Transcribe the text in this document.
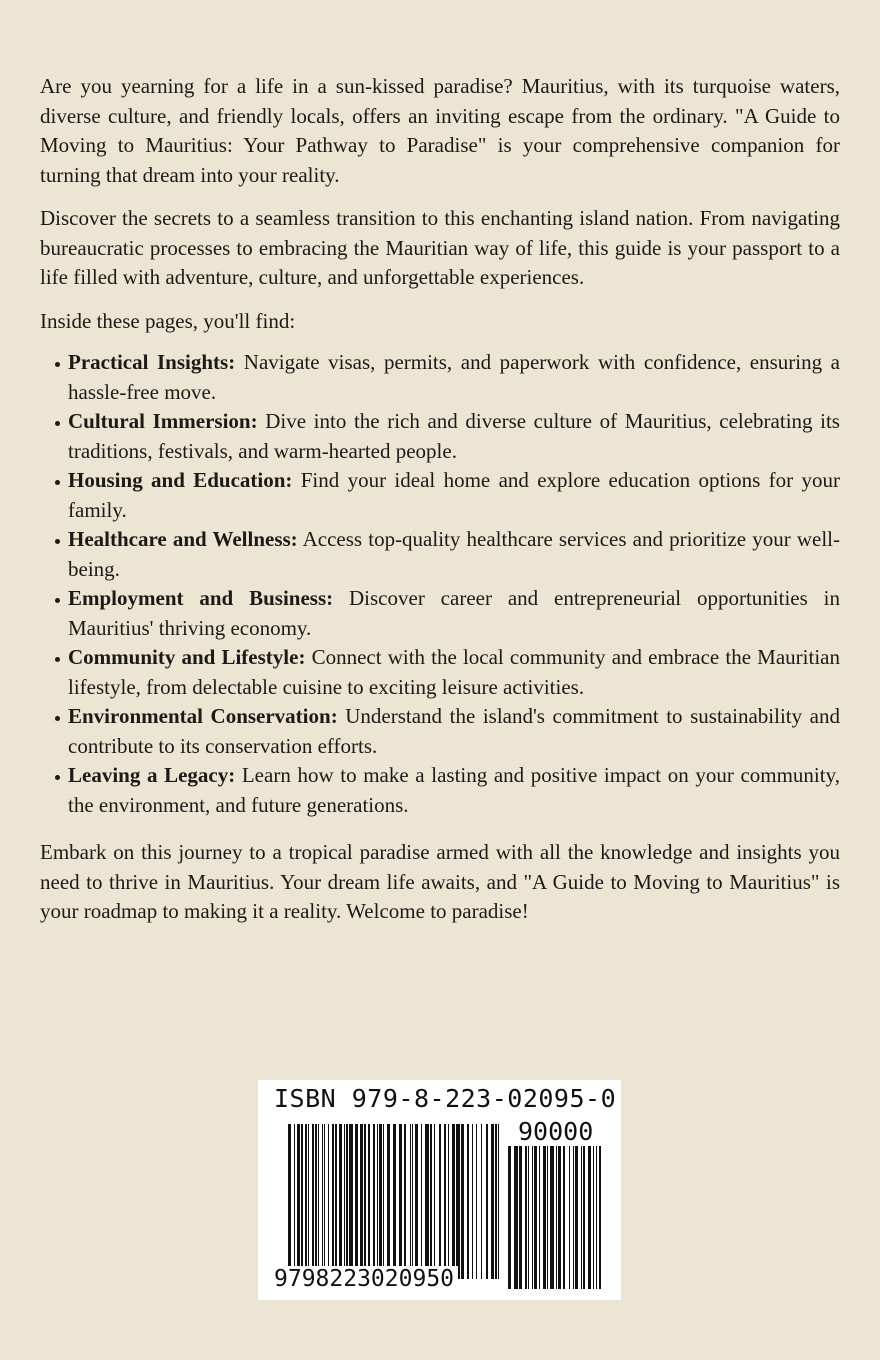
Are you yearning for a life in a sun-kissed paradise? Mauritius, with its turquoise waters, diverse culture, and friendly locals, offers an inviting escape from the ordinary. "A Guide to Moving to Mauritius: Your Pathway to Paradise" is your comprehensive companion for turning that dream into your reality.

Discover the secrets to a seamless transition to this enchanting island nation. From navigating bureaucratic processes to embracing the Mauritian way of life, this guide is your passport to a life filled with adventure, culture, and unforgettable experiences.

Inside these pages, you'll find:

Practical Insights: Navigate visas, permits, and paperwork with confidence, ensuring a hassle-free move.
Cultural Immersion: Dive into the rich and diverse culture of Mauritius, celebrating its traditions, festivals, and warm-hearted people.
Housing and Education: Find your ideal home and explore education options for your family.
Healthcare and Wellness: Access top-quality healthcare services and prioritize your well-being.
Employment and Business: Discover career and entrepreneurial opportunities in Mauritius' thriving economy.
Community and Lifestyle: Connect with the local community and embrace the Mauritian lifestyle, from delectable cuisine to exciting leisure activities.
Environmental Conservation: Understand the island's commitment to sustainability and contribute to its conservation efforts.
Leaving a Legacy: Learn how to make a lasting and positive impact on your community, the environment, and future generations.

Embark on this journey to a tropical paradise armed with all the knowledge and insights you need to thrive in Mauritius. Your dream life awaits, and "A Guide to Moving to Mauritius" is your roadmap to making it a reality. Welcome to paradise!

ISBN 979-8-223-02095-0
90000
9798223020950
